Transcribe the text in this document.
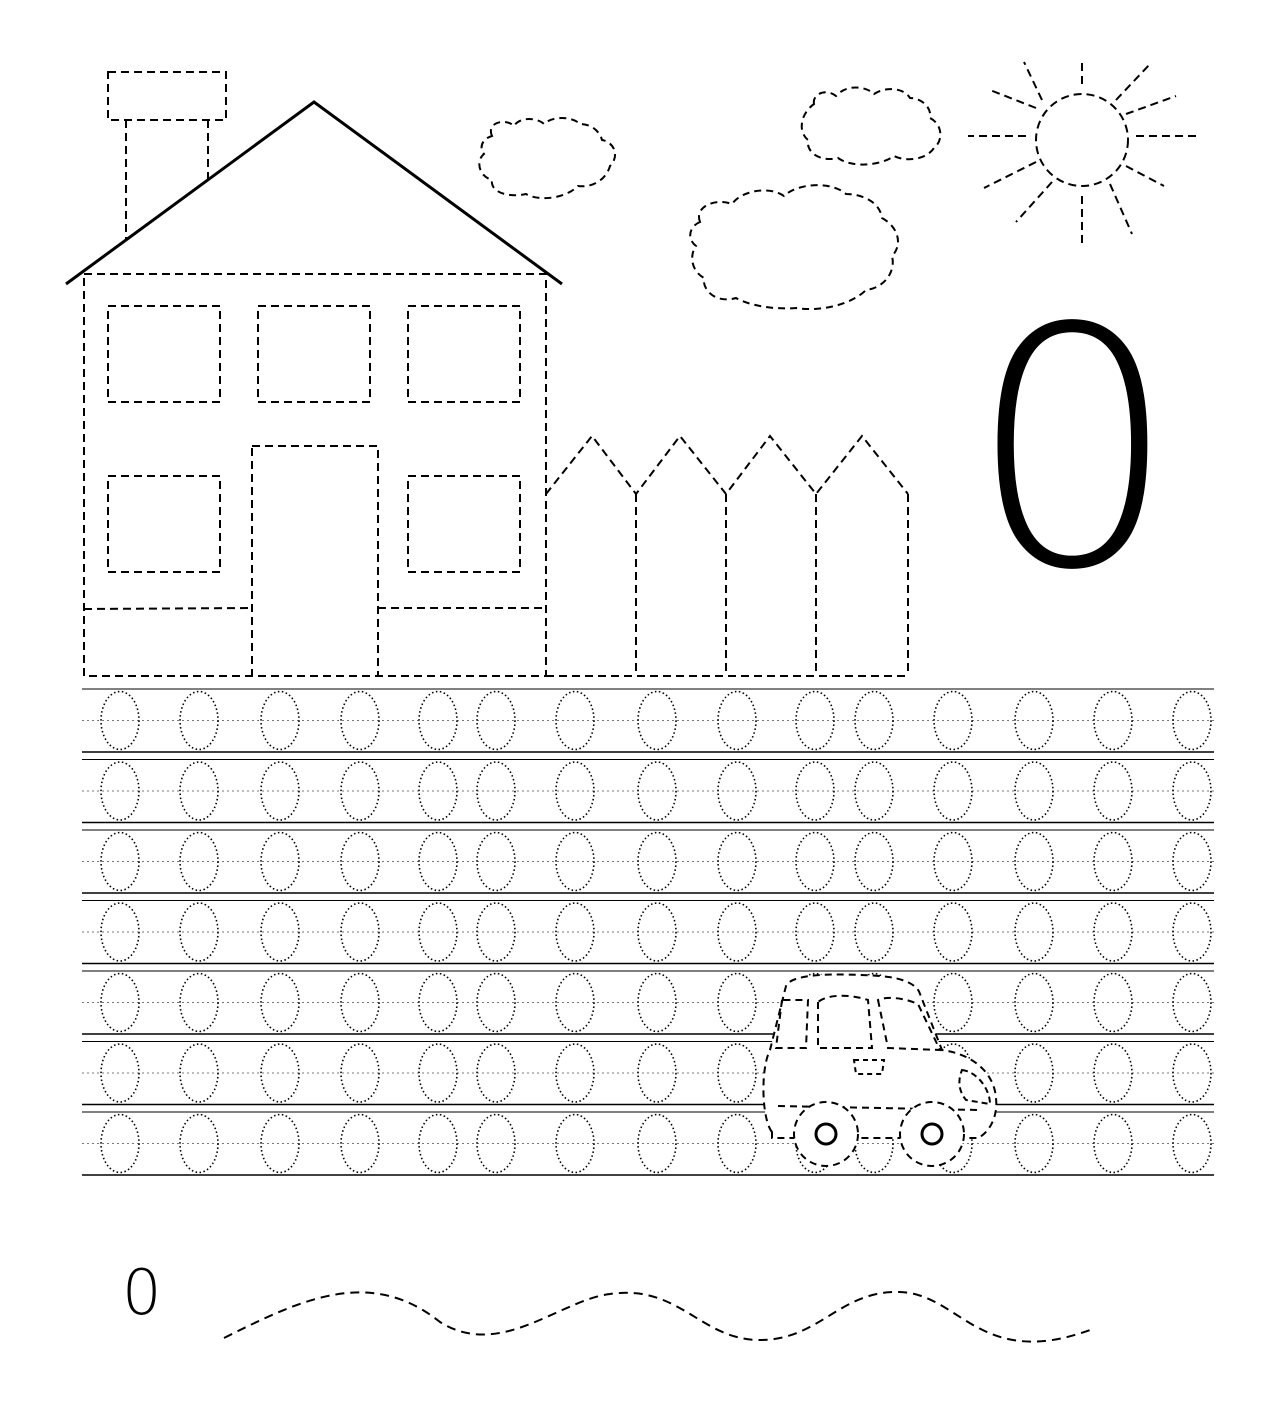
0
0
